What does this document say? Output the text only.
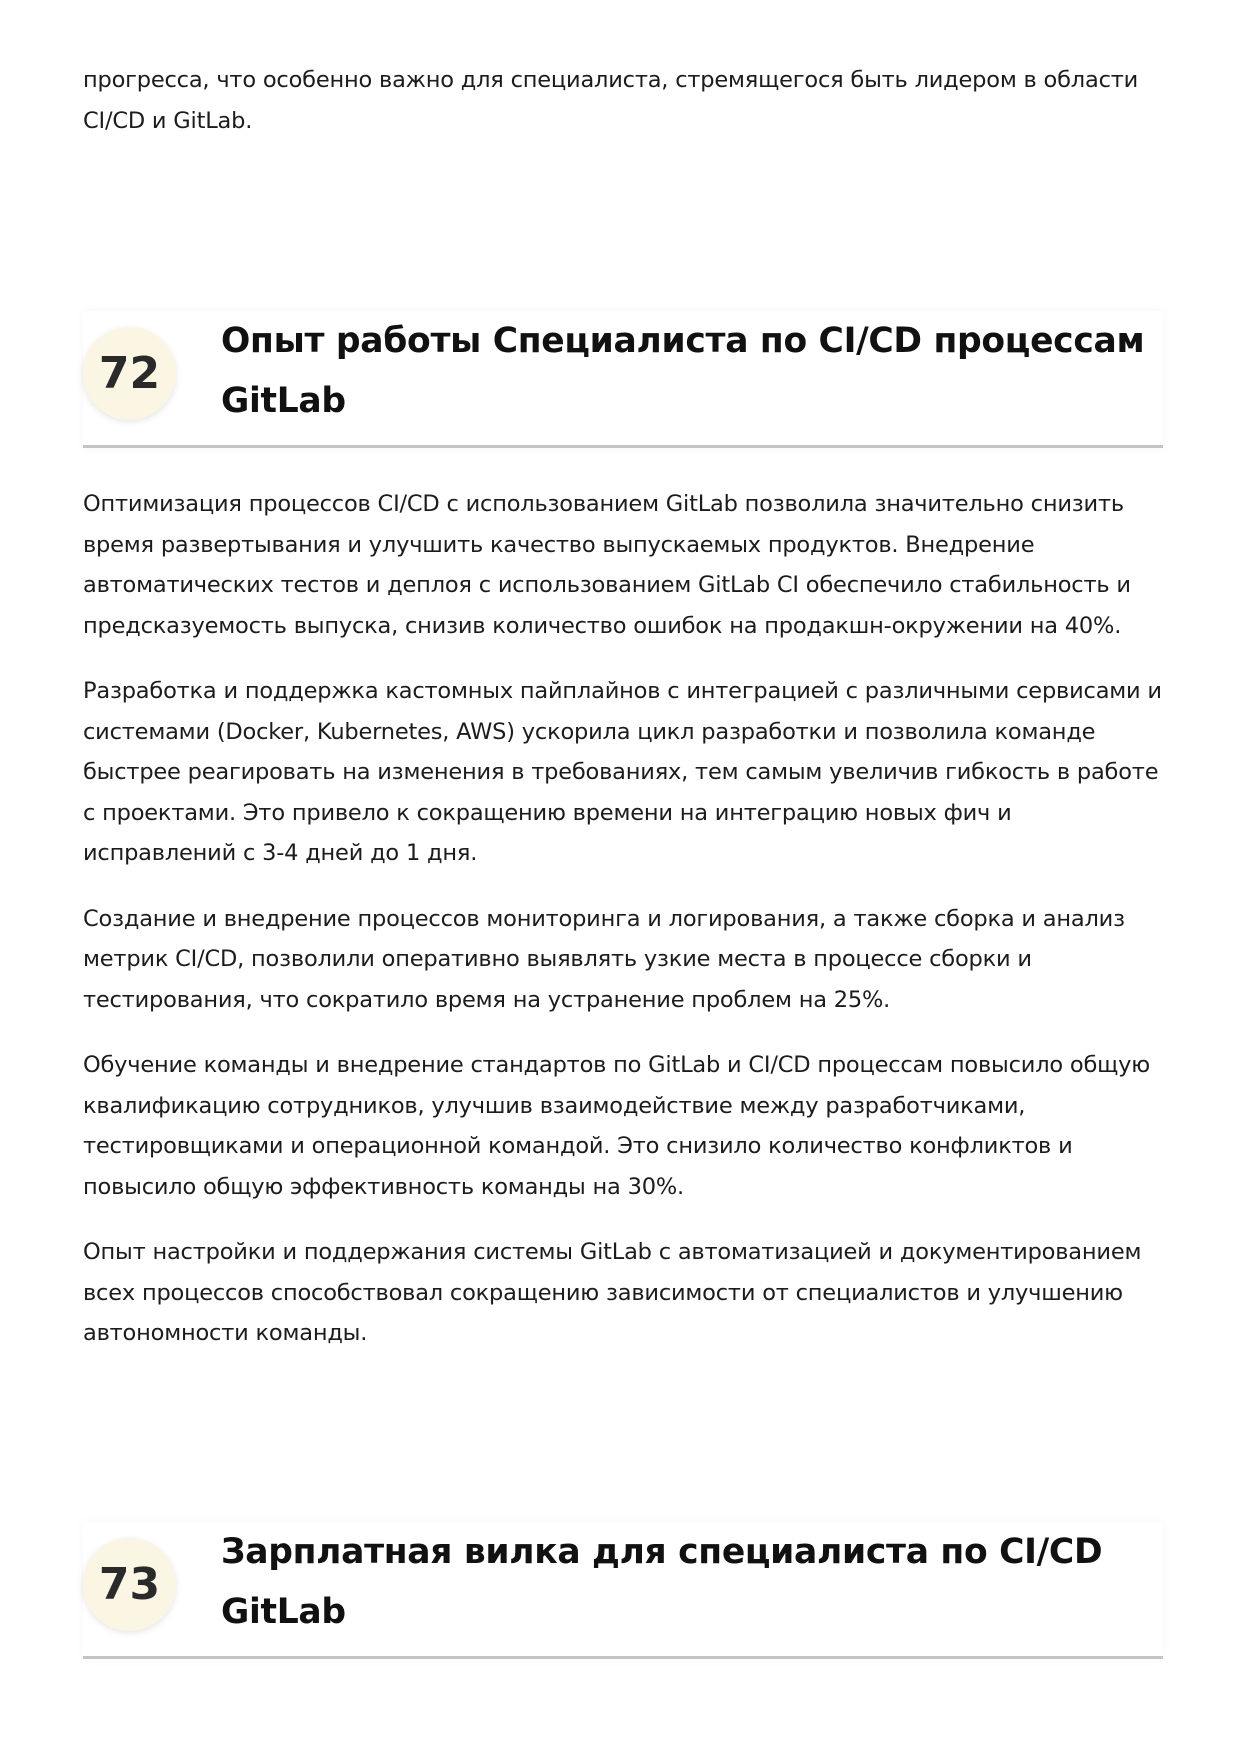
прогресса, что особенно важно для специалиста, стремящегося быть лидером в области CI/CD и GitLab.

72
Опыт работы Специалиста по CI/CD процессам GitLab

Оптимизация процессов CI/CD с использованием GitLab позволила значительно снизить время развертывания и улучшить качество выпускаемых продуктов. Внедрение автоматических тестов и деплоя с использованием GitLab CI обеспечило стабильность и предсказуемость выпуска, снизив количество ошибок на продакшн-окружении на 40%.

Разработка и поддержка кастомных пайплайнов с интеграцией с различными сервисами и системами (Docker, Kubernetes, AWS) ускорила цикл разработки и позволила команде быстрее реагировать на изменения в требованиях, тем самым увеличив гибкость в работе с проектами. Это привело к сокращению времени на интеграцию новых фич и исправлений с 3-4 дней до 1 дня.

Создание и внедрение процессов мониторинга и логирования, а также сборка и анализ метрик CI/CD, позволили оперативно выявлять узкие места в процессе сборки и тестирования, что сократило время на устранение проблем на 25%.

Обучение команды и внедрение стандартов по GitLab и CI/CD процессам повысило общую квалификацию сотрудников, улучшив взаимодействие между разработчиками, тестировщиками и операционной командой. Это снизило количество конфликтов и повысило общую эффективность команды на 30%.

Опыт настройки и поддержания системы GitLab с автоматизацией и документированием всех процессов способствовал сокращению зависимости от специалистов и улучшению автономности команды.

73
Зарплатная вилка для специалиста по CI/CD GitLab
